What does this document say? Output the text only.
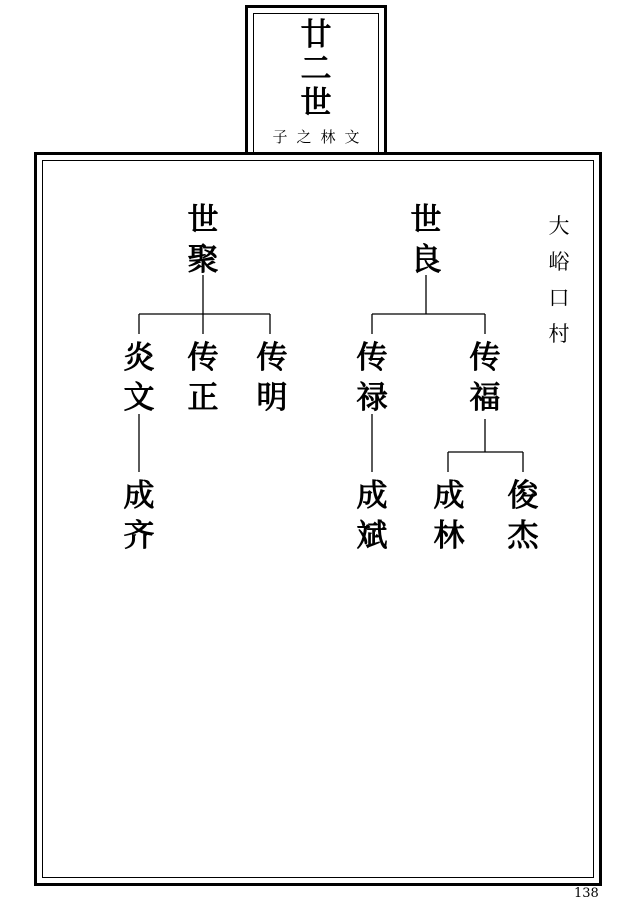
廿
二
世
子之林文
世
聚
炎
文
传
正
传
明
成
齐
世
良
传
禄
传
福
成
斌
成
林
俊
杰
大
峪
口
村
138
